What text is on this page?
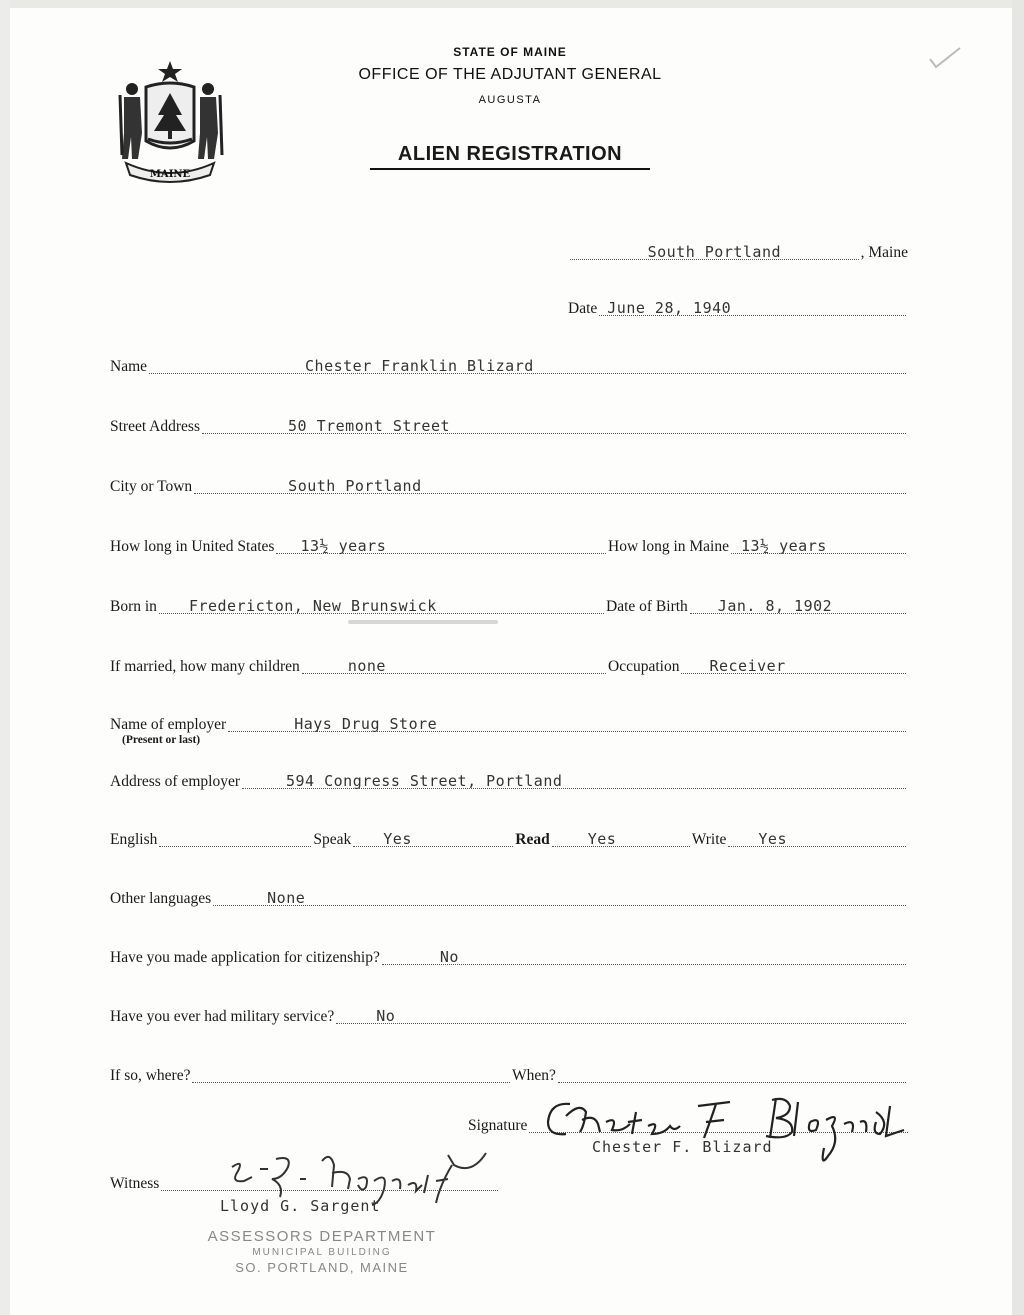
MAINE
STATE OF MAINE
OFFICE OF THE ADJUTANT GENERAL
AUGUSTA
ALIEN REGISTRATION
South Portland	, Maine
Date June 28, 1940
Name	Chester Franklin Blizard
Street Address	50 Tremont Street
City or Town	South Portland
How long in United States 13½ years	How long in Maine 13½ years
Born in Fredericton, New Brunswick	Date of Birth Jan. 8, 1902
If married, how many children	none	Occupation Receiver
Name of employer	Hays Drug Store
(Present or last)
Address of employer	594 Congress Street, Portland
English	Speak Yes	Read	Yes	Write Yes
Other languages	None
Have you made application for citizenship?	No
Have you ever had military service?	No
If so, where?	When?
Signature
Chester F. Blizard
Witness
Lloyd G. Sargent
ASSESSORS DEPARTMENT
MUNICIPAL BUILDING
SO. PORTLAND, MAINE
